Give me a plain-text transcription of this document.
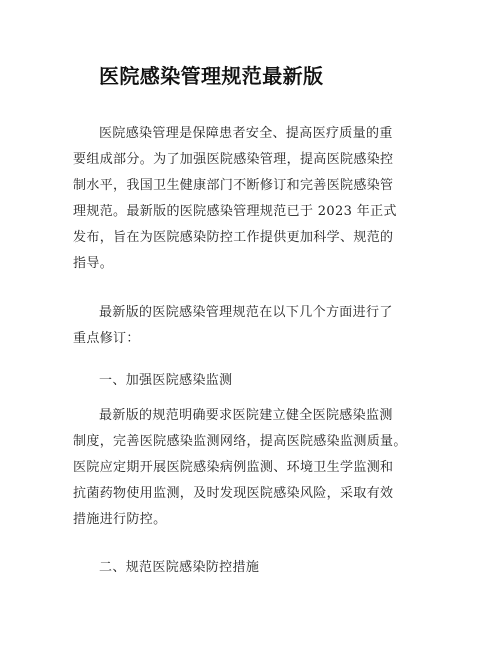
医院感染管理规范最新版

医院感染管理是保障患者安全、提高医疗质量的重
要组成部分。为了加强医院感染管理，提高医院感染控
制水平，我国卫生健康部门不断修订和完善医院感染管
理规范。最新版的医院感染管理规范已于 2023 年正式
发布，旨在为医院感染防控工作提供更加科学、规范的
指导。

最新版的医院感染管理规范在以下几个方面进行了
重点修订：

一、加强医院感染监测

最新版的规范明确要求医院建立健全医院感染监测
制度，完善医院感染监测网络，提高医院感染监测质量。
医院应定期开展医院感染病例监测、环境卫生学监测和
抗菌药物使用监测，及时发现医院感染风险，采取有效
措施进行防控。

二、规范医院感染防控措施
